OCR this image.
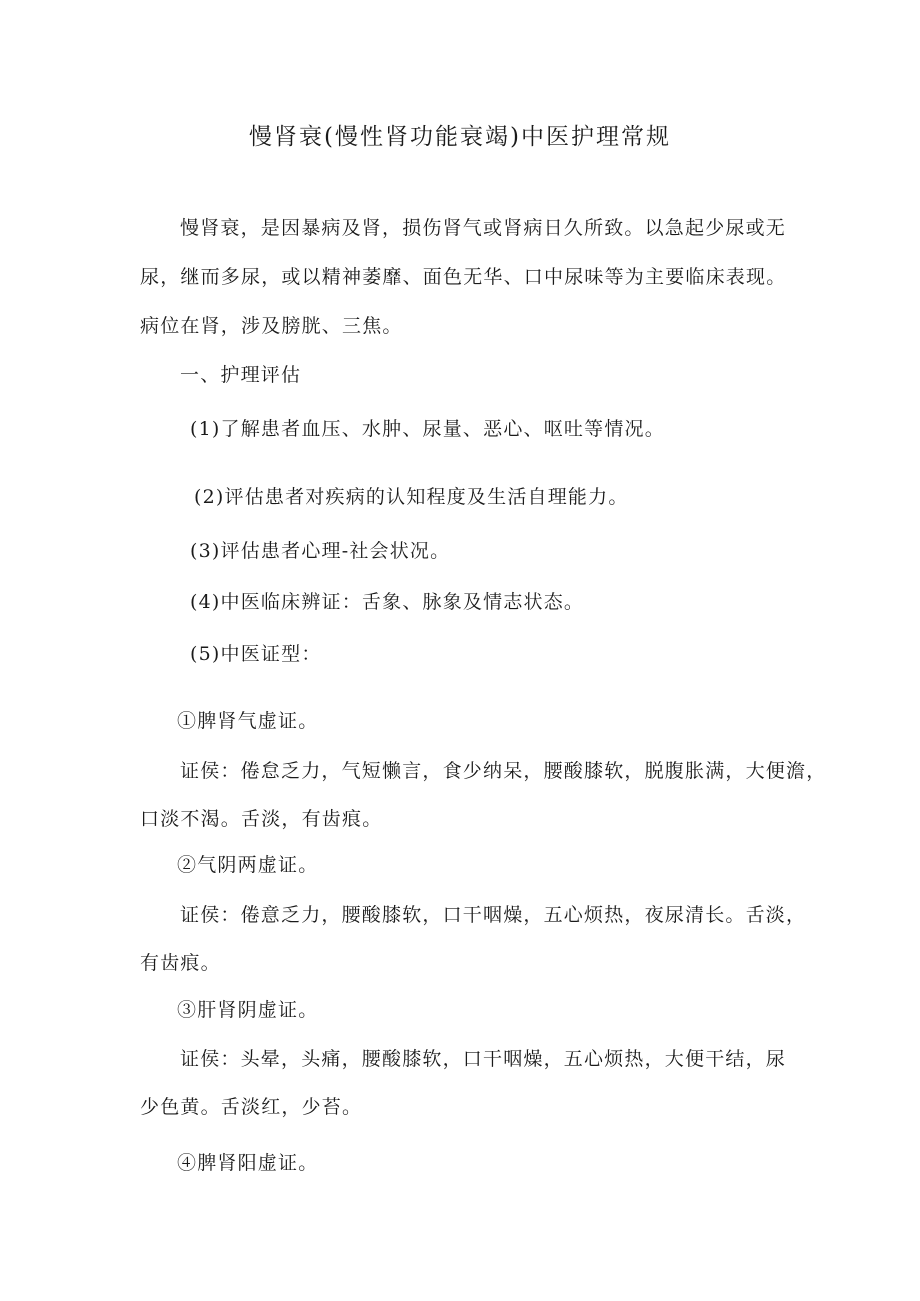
慢肾衰(慢性肾功能衰竭)中医护理常规
慢肾衰，是因暴病及肾，损伤肾气或肾病日久所致。以急起少尿或无
尿，继而多尿，或以精神萎靡、面色无华、口中尿味等为主要临床表现。
病位在肾，涉及膀胱、三焦。
一、护理评估
(1)了解患者血压、水肿、尿量、恶心、呕吐等情况。
(2)评估患者对疾病的认知程度及生活自理能力。
(3)评估患者心理-社会状况。
(4)中医临床辨证：舌象、脉象及情志状态。
(5)中医证型：
①脾肾气虚证。
证侯：倦怠乏力，气短懒言，食少纳呆，腰酸膝软，脱腹胀满，大便澹，
口淡不渴。舌淡，有齿痕。
②气阴两虚证。
证侯：倦意乏力，腰酸膝软，口干咽燥，五心烦热，夜尿清长。舌淡，
有齿痕。
③肝肾阴虚证。
证侯：头晕，头痛，腰酸膝软，口干咽燥，五心烦热，大便干结，尿
少色黄。舌淡红，少苔。
④脾肾阳虚证。
